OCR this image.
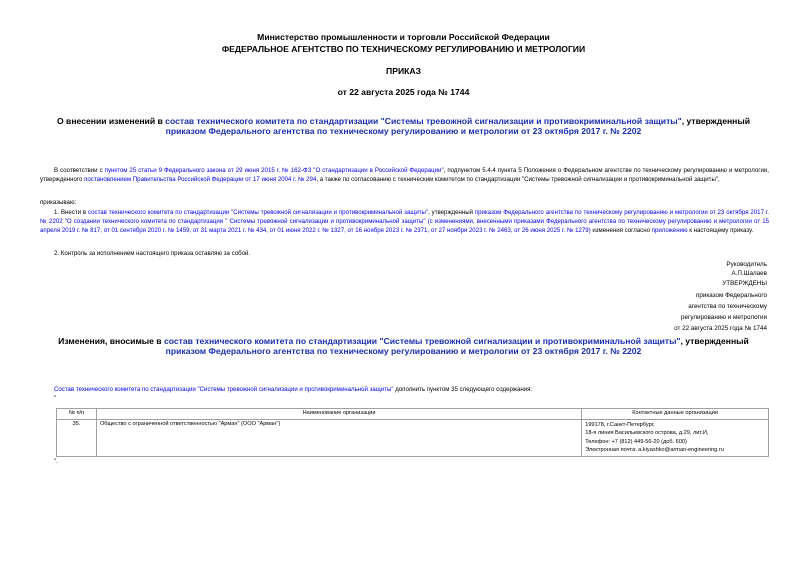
Министерство промышленности и торговли Российской Федерации
ФЕДЕРАЛЬНОЕ АГЕНТСТВО ПО ТЕХНИЧЕСКОМУ РЕГУЛИРОВАНИЮ И МЕТРОЛОГИИ
ПРИКАЗ
от 22 августа 2025 года № 1744
О внесении изменений в состав технического комитета по стандартизации "Системы тревожной сигнализации и противокриминальной защиты", утвержденный
приказом Федерального агентства по техническому регулированию и метрологии от 23 октября 2017 г. № 2202
В соответствии с пунктом 25 статьи 9 Федерального закона от 29 июня 2015 г. № 162-ФЗ "О стандартизации в Российской Федерации", подпунктом 5.4.4 пункта 5 Положения о Федеральном агентстве по техническому регулированию и метрологии, утвержденного постановлением Правительства Российской Федерации от 17 июня 2004 г. № 294, а также по согласованию с техническим комитетом по стандартизации "Системы тревожной сигнализации и противокриминальной защиты",
приказываю:
1. Внести в состав технического комитета по стандартизации "Системы тревожной сигнализации и противокриминальной защиты", утвержденный приказом Федерального агентства по техническому регулированию и метрологии от 23 октября 2017 г. № 2202 "О создании технического комитета по стандартизации " Системы тревожной сигнализации и противокриминальной защиты" (с изменениями, внесенными приказами Федерального агентства по техническому регулированию и метрологии от 15 апреля 2019 г. № 817, от 01 сентября 2020 г. № 1459, от 31 марта 2021 г. № 434, от 01 июня 2022 г. № 1327, от 16 ноября 2023 г. № 2371, от 27 ноября 2023 г. № 2463, от 26 июня 2025 г. № 1279) изменения согласно приложению к настоящему приказу.
2. Контроль за исполнением настоящего приказа оставляю за собой.
Руководитель
А.П.Шалаев
УТВЕРЖДЕНЫ
приказом Федерального
агентства по техническому
регулированию и метрологии
от 22 августа 2025 года № 1744
Изменения, вносимые в состав технического комитета по стандартизации "Системы тревожной сигнализации и противокриминальной защиты", утвержденный
приказом Федерального агентства по техническому регулированию и метрологии от 23 октября 2017 г. № 2202
Состав технического комитета по стандартизации "Системы тревожной сигнализации и противокриминальной защиты" дополнить пунктом 35 следующего содержания:
"
№ п/п	Наименование организации	Контактные данные организации
35.	Общество с ограниченной ответственностью "Арман" (ООО "Арман")	199178, г.Санкт-Петербург,
18-я линия Васильевского острова, д.29, лит.И,
Телефон: +7 (812) 449-56-20 (доб. 600)
Электронная почта: a.kiyashko@arman-engineering.ru
".
